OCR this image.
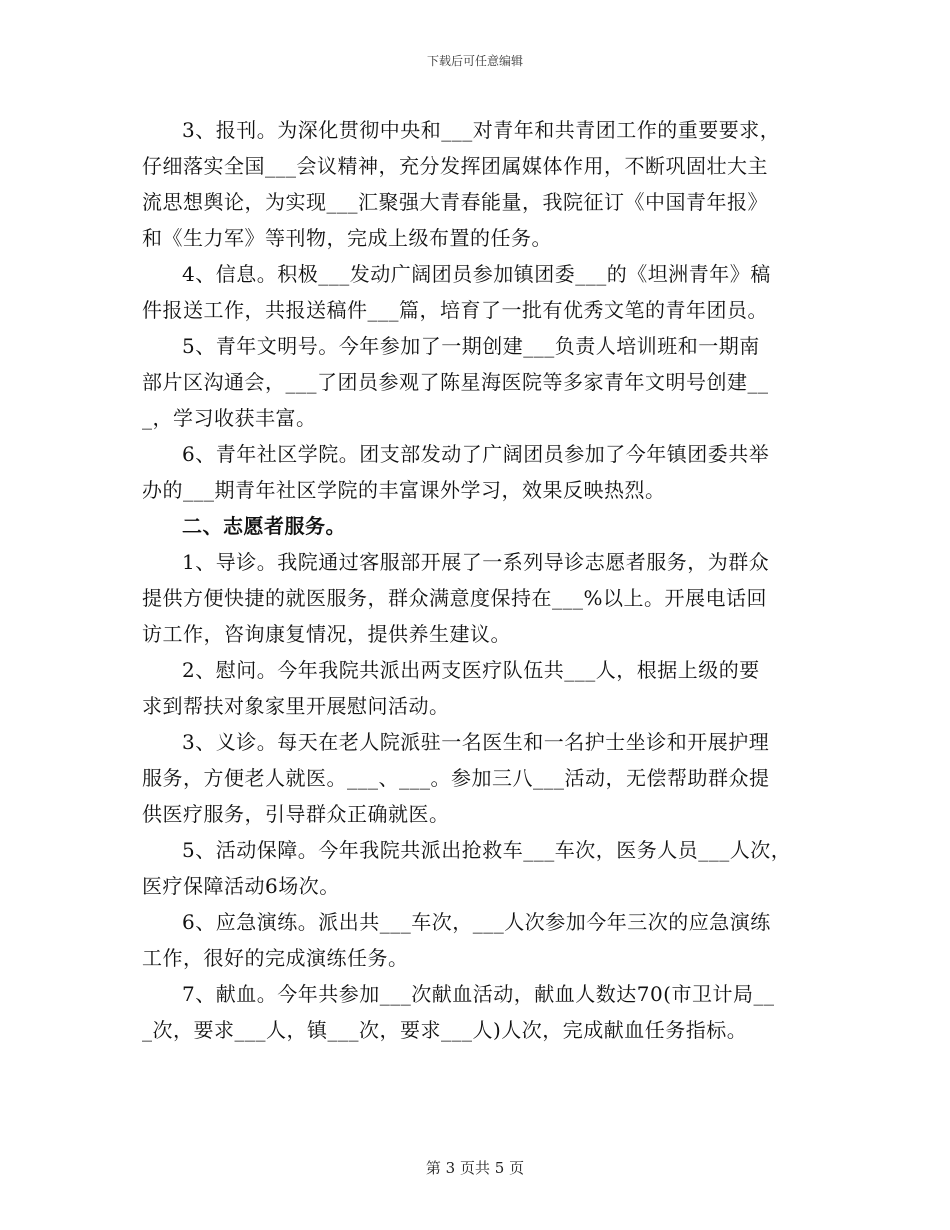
下载后可任意编辑

3、报刊。为深化贯彻中央和___对青年和共青团工作的重要要求，
仔细落实全国___会议精神，充分发挥团属媒体作用，不断巩固壮大主
流思想舆论，为实现___汇聚强大青春能量，我院征订《中国青年报》
和《生力军》等刊物，完成上级布置的任务。

4、信息。积极___发动广阔团员参加镇团委___的《坦洲青年》稿
件报送工作，共报送稿件___篇，培育了一批有优秀文笔的青年团员。

5、青年文明号。今年参加了一期创建___负责人培训班和一期南
部片区沟通会，___了团员参观了陈星海医院等多家青年文明号创建__
_，学习收获丰富。

6、青年社区学院。团支部发动了广阔团员参加了今年镇团委共举
办的___期青年社区学院的丰富课外学习，效果反映热烈。

二、志愿者服务。

1、导诊。我院通过客服部开展了一系列导诊志愿者服务，为群众
提供方便快捷的就医服务，群众满意度保持在___%以上。开展电话回
访工作，咨询康复情况，提供养生建议。

2、慰问。今年我院共派出两支医疗队伍共___人，根据上级的要
求到帮扶对象家里开展慰问活动。

3、义诊。每天在老人院派驻一名医生和一名护士坐诊和开展护理
服务，方便老人就医。___、___。参加三八___活动，无偿帮助群众提
供医疗服务，引导群众正确就医。

5、活动保障。今年我院共派出抢救车___车次，医务人员___人次，
医疗保障活动6场次。

6、应急演练。派出共___车次，___人次参加今年三次的应急演练
工作，很好的完成演练任务。

7、献血。今年共参加___次献血活动，献血人数达70(市卫计局__
_次，要求___人，镇___次，要求___人)人次，完成献血任务指标。

第 3 页共 5 页
